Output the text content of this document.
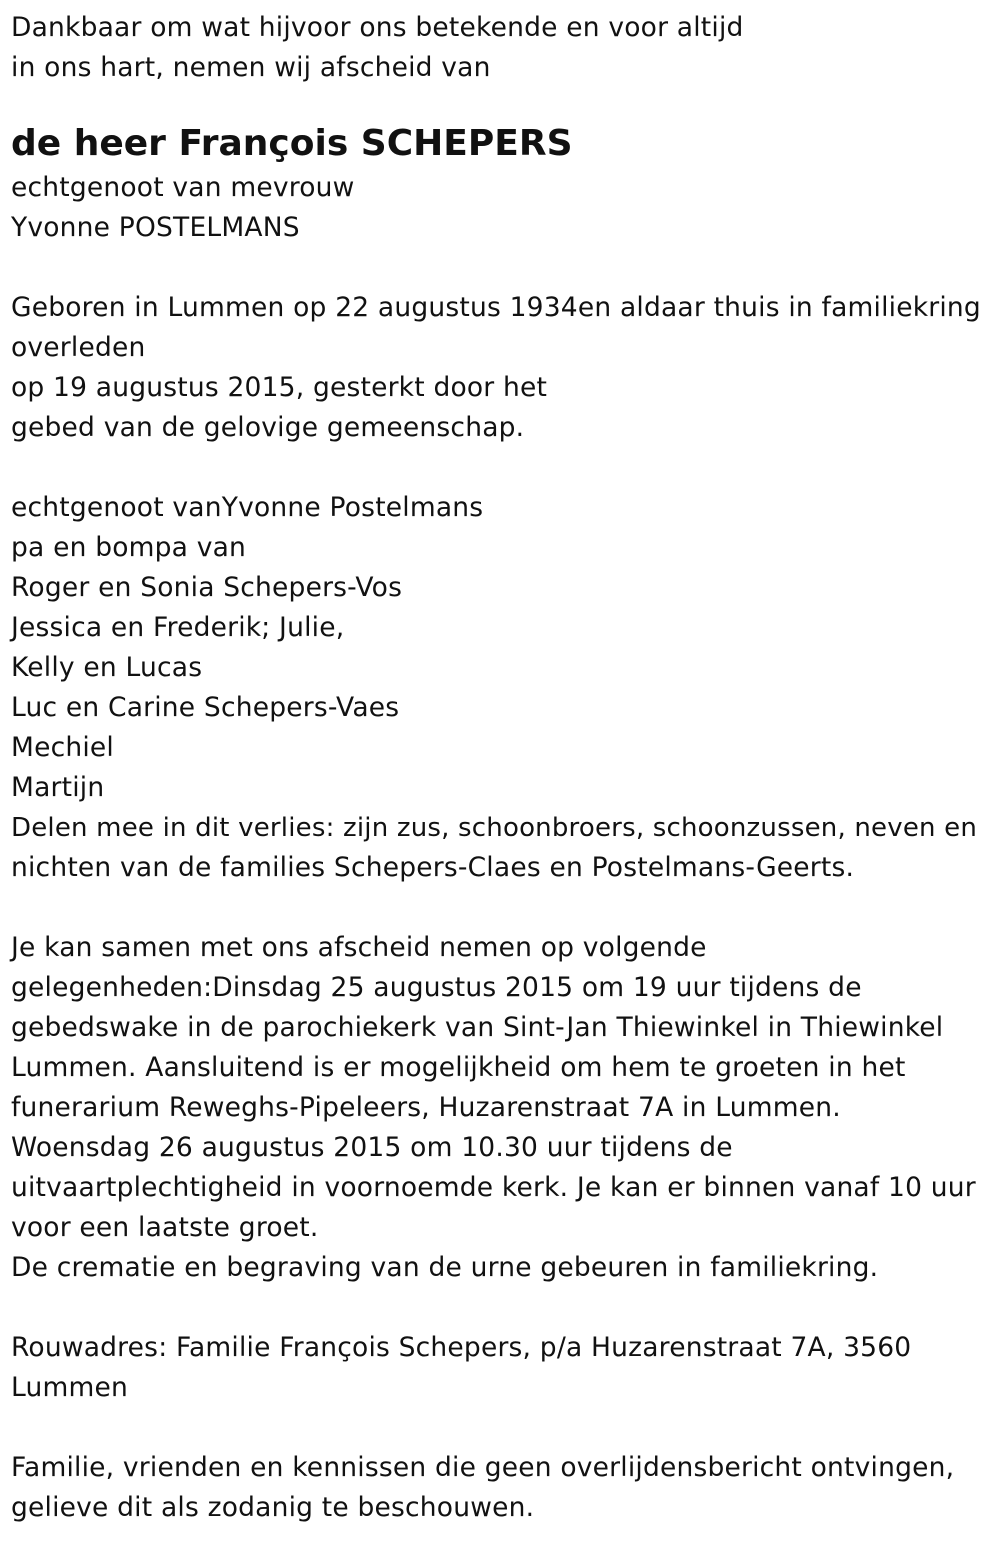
Dankbaar om wat hijvoor ons betekende en voor altijd
in ons hart, nemen wij afscheid van
de heer François SCHEPERS
echtgenoot van mevrouw
Yvonne POSTELMANS
Geboren in Lummen op 22 augustus 1934en aldaar thuis in familiekring
overleden
op 19 augustus 2015, gesterkt door het
gebed van de gelovige gemeenschap.
echtgenoot vanYvonne Postelmans
pa en bompa van
Roger en Sonia Schepers-Vos
Jessica en Frederik; Julie,
Kelly en Lucas
Luc en Carine Schepers-Vaes
Mechiel
Martijn
Delen mee in dit verlies: zijn zus, schoonbroers, schoonzussen, neven en
nichten van de families Schepers-Claes en Postelmans-Geerts.
Je kan samen met ons afscheid nemen op volgende
gelegenheden:Dinsdag 25 augustus 2015 om 19 uur tijdens de
gebedswake in de parochiekerk van Sint-Jan Thiewinkel in Thiewinkel
Lummen. Aansluitend is er mogelijkheid om hem te groeten in het
funerarium Reweghs-Pipeleers, Huzarenstraat 7A in Lummen.
Woensdag 26 augustus 2015 om 10.30 uur tijdens de
uitvaartplechtigheid in voornoemde kerk. Je kan er binnen vanaf 10 uur
voor een laatste groet.
De crematie en begraving van de urne gebeuren in familiekring.
Rouwadres: Familie François Schepers, p/a Huzarenstraat 7A, 3560
Lummen
Familie, vrienden en kennissen die geen overlijdensbericht ontvingen,
gelieve dit als zodanig te beschouwen.
